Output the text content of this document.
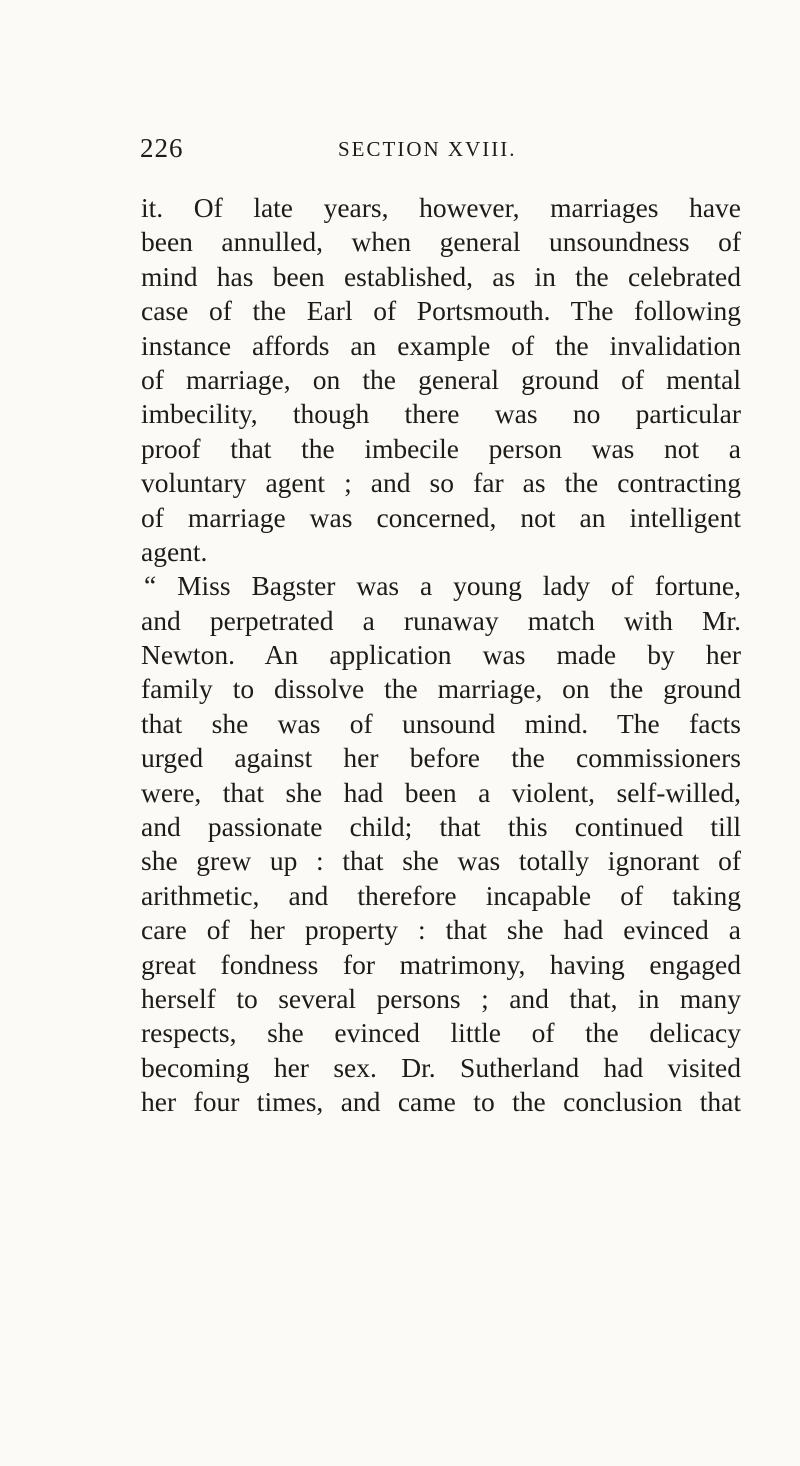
226	SECTION XVIII.
it. Of late years, however, marriages have
been annulled, when general unsoundness of
mind has been established, as in the celebrated
case of the Earl of Portsmouth. The following
instance affords an example of the invalidation
of marriage, on the general ground of mental
imbecility, though there was no particular
proof that the imbecile person was not a
voluntary agent ; and so far as the contracting
of marriage was concerned, not an intelligent
agent.
“ Miss Bagster was a young lady of fortune,
and perpetrated a runaway match with Mr.
Newton. An application was made by her
family to dissolve the marriage, on the ground
that she was of unsound mind. The facts
urged against her before the commissioners
were, that she had been a violent, self-willed,
and passionate child; that this continued till
she grew up : that she was totally ignorant of
arithmetic, and therefore incapable of taking
care of her property : that she had evinced a
great fondness for matrimony, having engaged
herself to several persons ; and that, in many
respects, she evinced little of the delicacy
becoming her sex. Dr. Sutherland had visited
her four times, and came to the conclusion that
